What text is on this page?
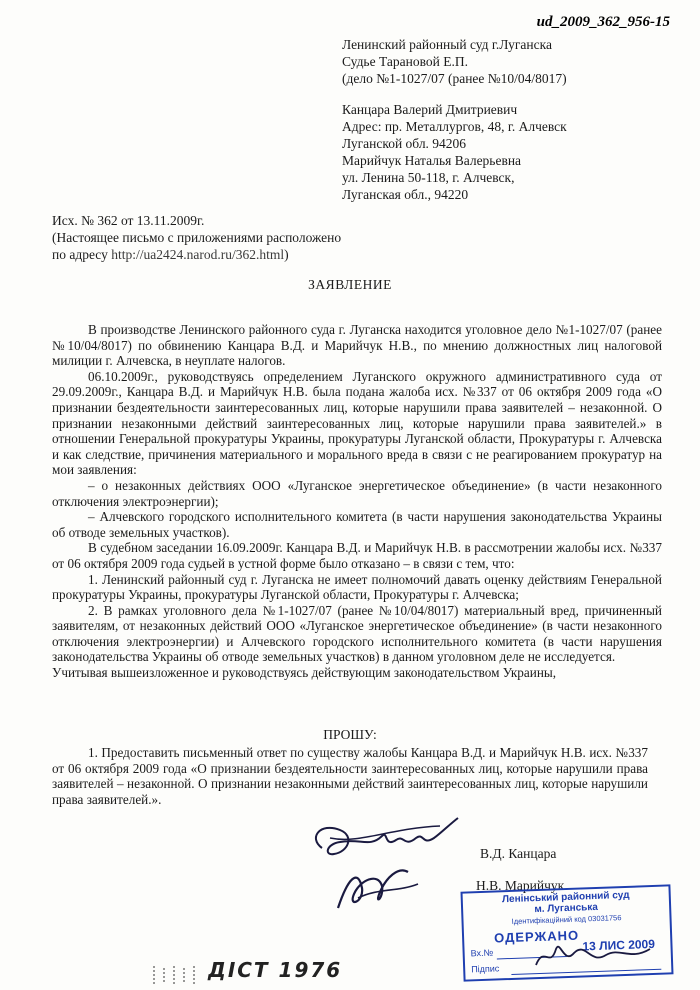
ud_2009_362_956-15
Ленинский районный суд г.Луганска
Судье Тарановой Е.П.
(дело №1-1027/07 (ранее №10/04/8017)
Канцара Валерий Дмитриевич
Адрес: пр. Металлургов, 48, г. Алчевск
Луганской обл. 94206
Марийчук Наталья Валерьевна
ул. Ленина 50-118, г. Алчевск,
Луганская обл., 94220
Исх. № 362 от 13.11.2009г.
(Настоящее письмо с приложениями расположено
по адресу http://ua2424.narod.ru/362.html)
ЗАЯВЛЕНИЕ

В производстве Ленинского районного суда г. Луганска находится уголовное дело №1-1027/07 (ранее №10/04/8017) по обвинению Канцара В.Д. и Марийчук Н.В., по мнению должностных лиц налоговой милиции г. Алчевска, в неуплате налогов.

06.10.2009г., руководствуясь определением Луганского окружного административного суда от 29.09.2009г., Канцара В.Д. и Марийчук Н.В. была подана жалоба исх. №337 от 06 октября 2009 года «О признании бездеятельности заинтересованных лиц, которые нарушили права заявителей – незаконной. О признании незаконными действий заинтересованных лиц, которые нарушили права заявителей.» в отношении Генеральной прокуратуры Украины, прокуратуры Луганской области, Прокуратуры г. Алчевска и как следствие, причинения материального и морального вреда в связи с не реагированием прокуратур на мои заявления:

– о незаконных действиях ООО «Луганское энергетическое объединение» (в части незаконного отключения электроэнергии);

– Алчевского городского исполнительного комитета (в части нарушения законодательства Украины об отводе земельных участков).

В судебном заседании 16.09.2009г. Канцара В.Д. и Марийчук Н.В. в рассмотрении жалобы исх. №337 от 06 октября 2009 года судьей в устной форме было отказано – в связи с тем, что:

1. Ленинский районный суд г. Луганска не имеет полномочий давать оценку действиям Генеральной прокуратуры Украины, прокуратуры Луганской области, Прокуратуры г. Алчевска;

2. В рамках уголовного дела №1-1027/07 (ранее №10/04/8017) материальный вред, причиненный заявителям, от незаконных действий ООО «Луганское энергетическое объединение» (в части незаконного отключения электроэнергии) и Алчевского городского исполнительного комитета (в части нарушения законодательства Украины об отводе земельных участков) в данном уголовном деле не исследуется.

Учитывая вышеизложенное и руководствуясь действующим законодательством Украины,

ПРОШУ:

1. Предоставить письменный ответ по существу жалобы Канцара В.Д. и Марийчук Н.В. исх. №337 от 06 октября 2009 года «О признании бездеятельности заинтересованных лиц, которые нарушили права заявителей – незаконной. О признании незаконными действий заинтересованных лиц, которые нарушили права заявителей.».

В.Д. Канцара
Н.В. Марийчук
Ленінський районний суд
м. Луганська
Ідентифікаційний код 03031756
ОДЕРЖАНО 13 ЛИС 2009
Вх.№
Підпис
ДІСТ 1976
